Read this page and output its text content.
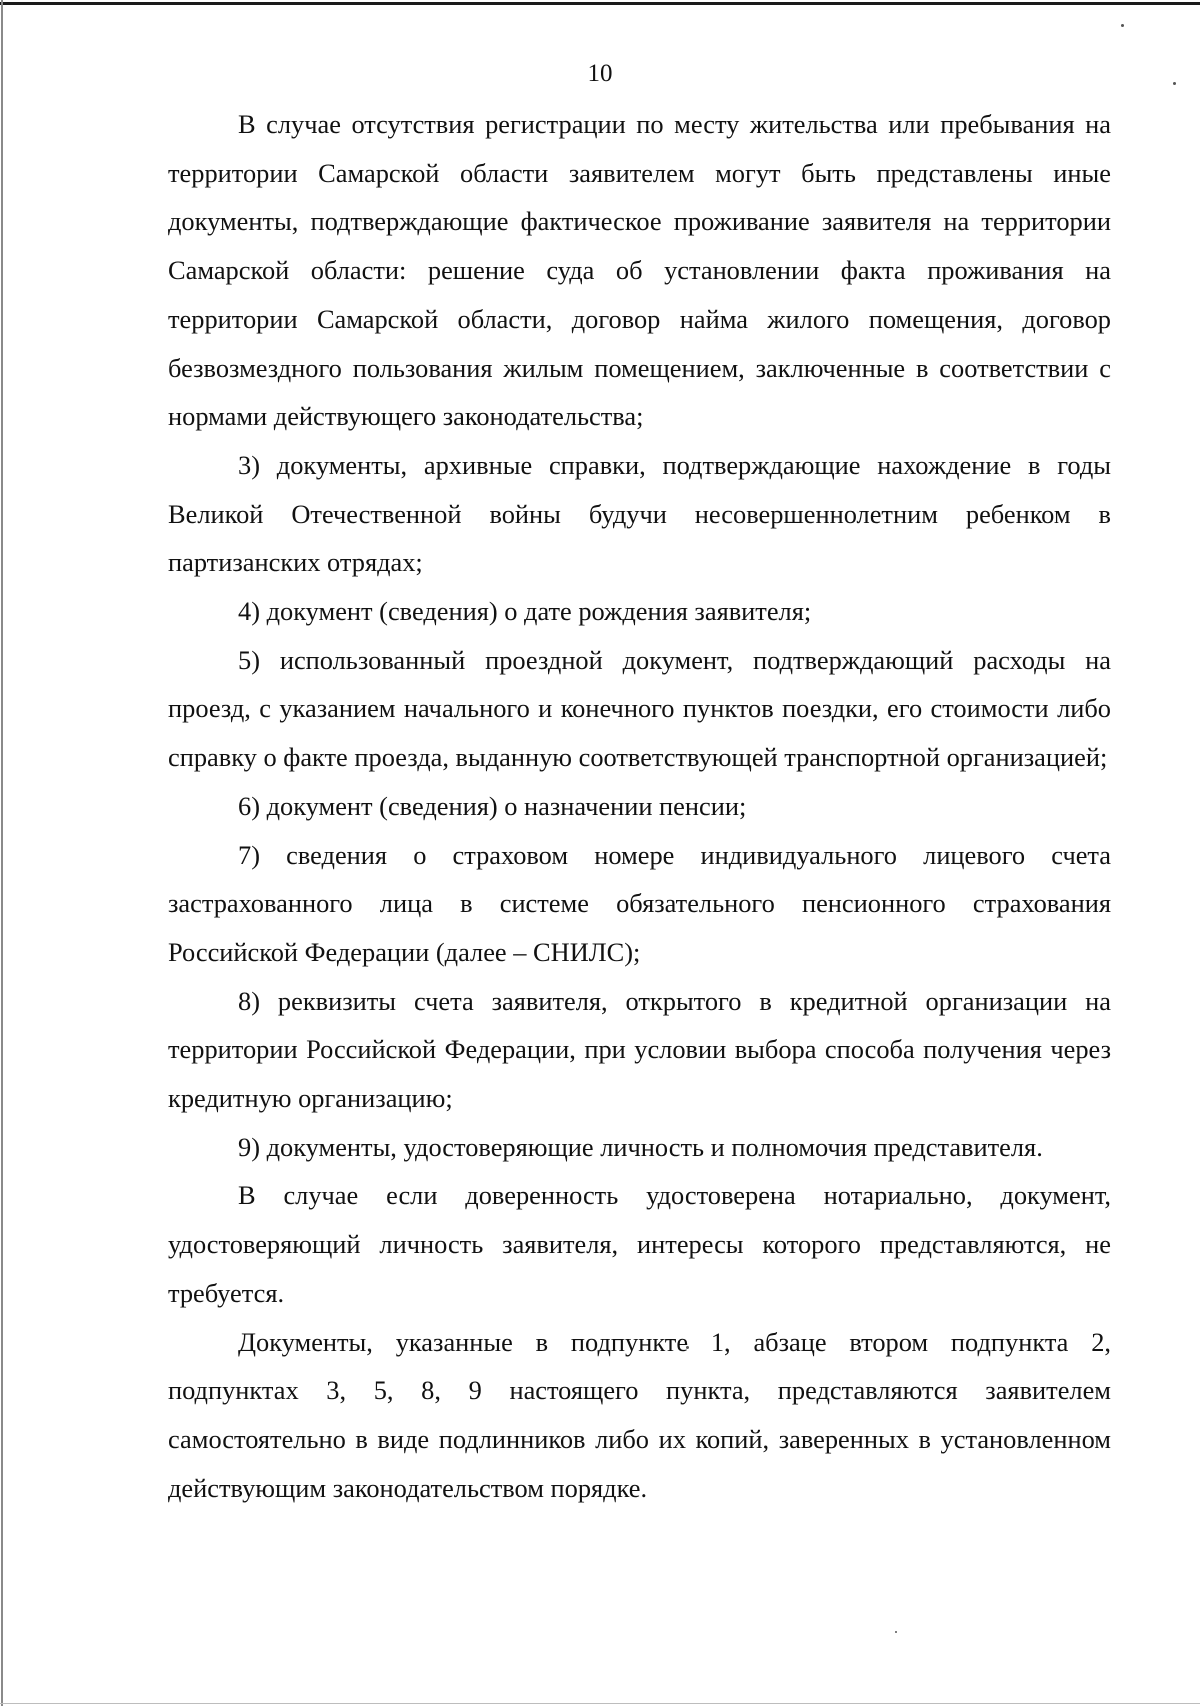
10

В случае отсутствия регистрации по месту жительства или пребывания на территории Самарской области заявителем могут быть представлены иные документы, подтверждающие фактическое проживание заявителя на территории Самарской области: решение суда об установлении факта проживания на территории Самарской области, договор найма жилого помещения, договор безвозмездного пользования жилым помещением, заключенные в соответствии с нормами действующего законодательства;

3) документы, архивные справки, подтверждающие нахождение в годы Великой Отечественной войны будучи несовершеннолетним ребенком в партизанских отрядах;

4) документ (сведения) о дате рождения заявителя;

5) использованный проездной документ, подтверждающий расходы на проезд, с указанием начального и конечного пунктов поездки, его стоимости либо справку о факте проезда, выданную соответствующей транспортной организацией;

6) документ (сведения) о назначении пенсии;

7) сведения о страховом номере индивидуального лицевого счета застрахованного лица в системе обязательного пенсионного страхования Российской Федерации (далее – СНИЛС);

8) реквизиты счета заявителя, открытого в кредитной организации на территории Российской Федерации, при условии выбора способа получения через кредитную организацию;

9) документы, удостоверяющие личность и полномочия представителя.

В случае если доверенность удостоверена нотариально, документ, удостоверяющий личность заявителя, интересы которого представляются, не требуется.

Документы, указанные в подпункте 1, абзаце втором подпункта 2, подпунктах 3, 5, 8, 9 настоящего пункта, представляются заявителем самостоятельно в виде подлинников либо их копий, заверенных в установленном действующим законодательством порядке.
